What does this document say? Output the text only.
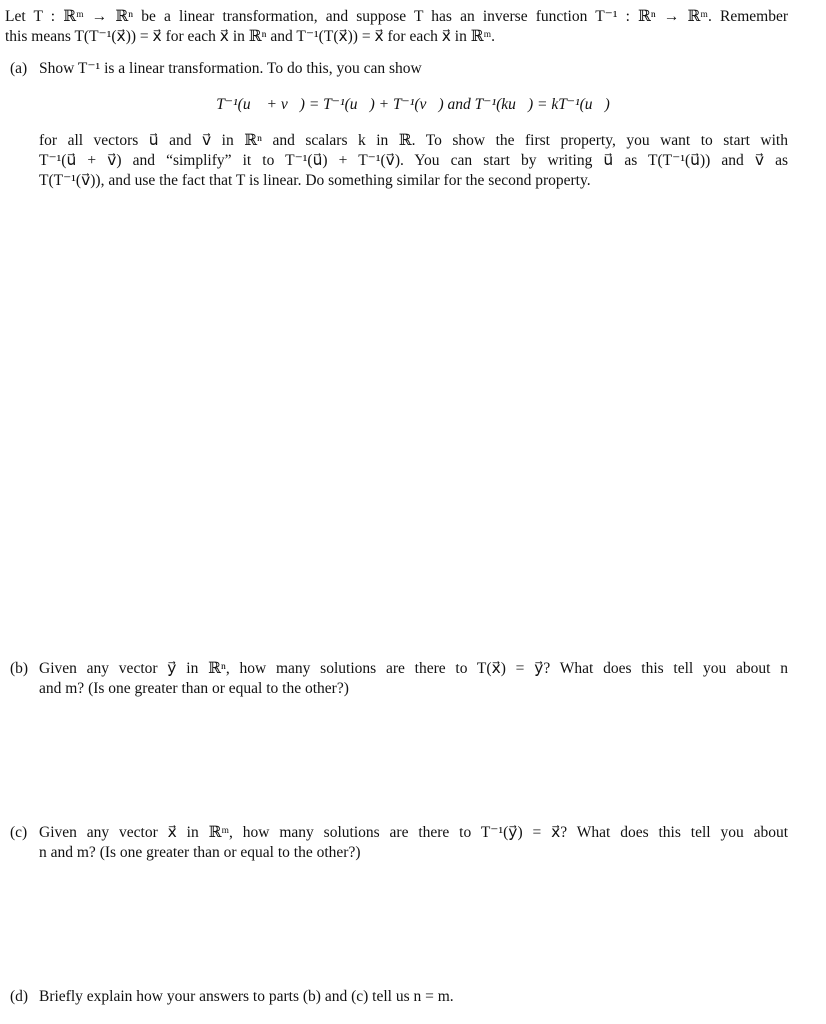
Let T : ℝᵐ → ℝⁿ be a linear transformation, and suppose T has an inverse function T⁻¹ : ℝⁿ → ℝᵐ. Remember
this means T(T⁻¹(x⃗)) = x⃗ for each x⃗ in ℝⁿ and T⁻¹(T(x⃗)) = x⃗ for each x⃗ in ℝᵐ.
(a) Show T⁻¹ is a linear transformation. To do this, you can show
T⁻¹(u⃗ + v⃗) = T⁻¹(u⃗) + T⁻¹(v⃗) and T⁻¹(ku⃗) = kT⁻¹(u⃗)
for all vectors u⃗ and v⃗ in ℝⁿ and scalars k in ℝ. To show the first property, you want to start with
T⁻¹(u⃗ + v⃗) and “simplify” it to T⁻¹(u⃗) + T⁻¹(v⃗). You can start by writing u⃗ as T(T⁻¹(u⃗)) and v⃗ as
T(T⁻¹(v⃗)), and use the fact that T is linear. Do something similar for the second property.
(b) Given any vector y⃗ in ℝⁿ, how many solutions are there to T(x⃗) = y⃗? What does this tell you about n
and m? (Is one greater than or equal to the other?)
(c) Given any vector x⃗ in ℝᵐ, how many solutions are there to T⁻¹(y⃗) = x⃗? What does this tell you about
n and m? (Is one greater than or equal to the other?)
(d) Briefly explain how your answers to parts (b) and (c) tell us n = m.
